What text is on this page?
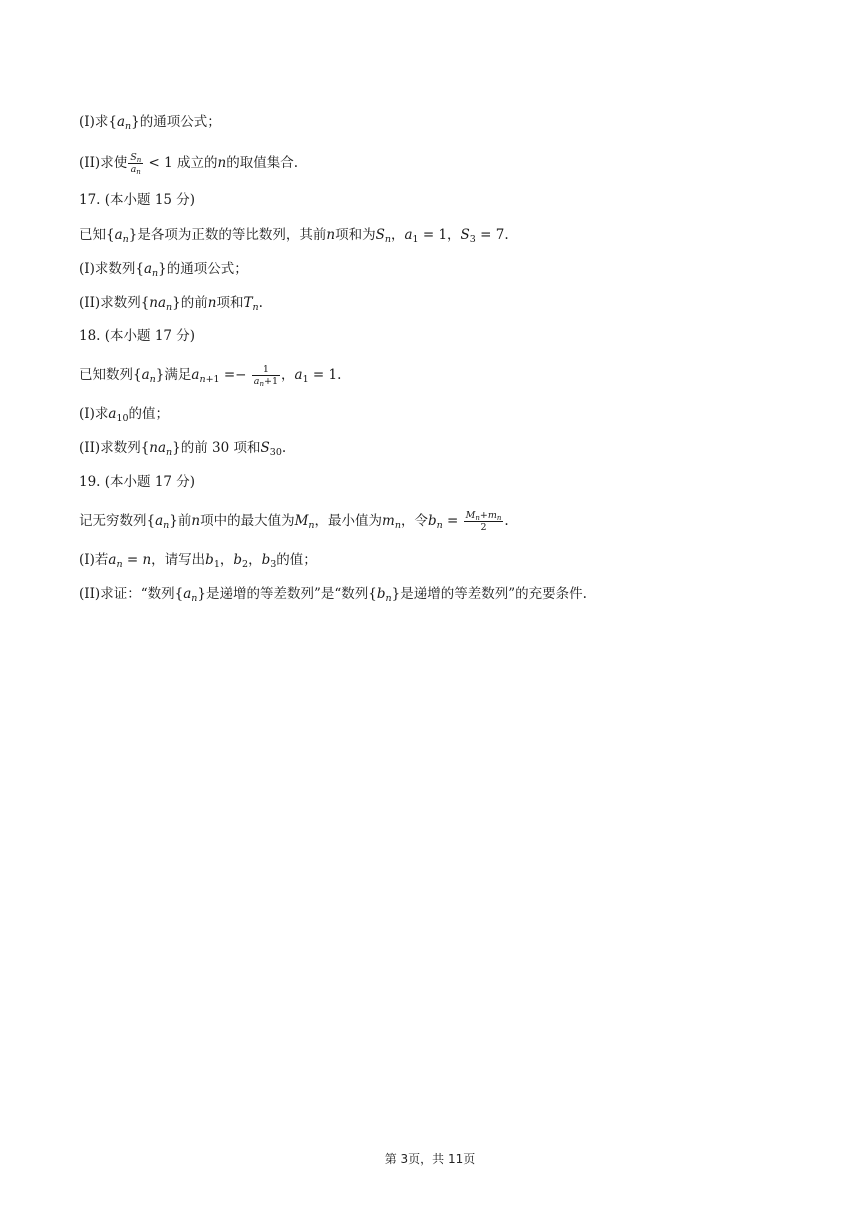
(I)求$\{a_n\}$的通项公式；
(II)求使 $\frac{S_n}{a_n} < 1$ 成立的n的取值集合.
17. (本小题 15 分)
已知$\{a_n\}$是各项为正数的等比数列，其前n项和为$S_n$，$a_1 = 1$，$S_3 = 7$.
(I)求数列$\{a_n\}$的通项公式；
(II)求数列$\{na_n\}$的前n项和$T_n$.
18. (本小题 17 分)
已知数列$\{a_n\}$满足$a_{n+1} =- \frac{1}{a_n+1}$ ，$a_1 = 1$.
(I)求$a_{10}$的值；
(II)求数列$\{na_n\}$的前 30 项和$S_{30}$.
19. (本小题 17 分)
记无穷数列$\{a_n\}$前n项中的最大值为$M_n$，最小值为$m_n$，令$b_n = \frac{M_n+m_n}{2}$ .
(I)若$a_n = n$，请写出$b_1$，$b_2$，$b_3$的值；
(II)求证：“数列$\{a_n\}$是递增的等差数列”是“数列$\{b_n\}$是递增的等差数列”的充要条件.
第 3页，共 11页
